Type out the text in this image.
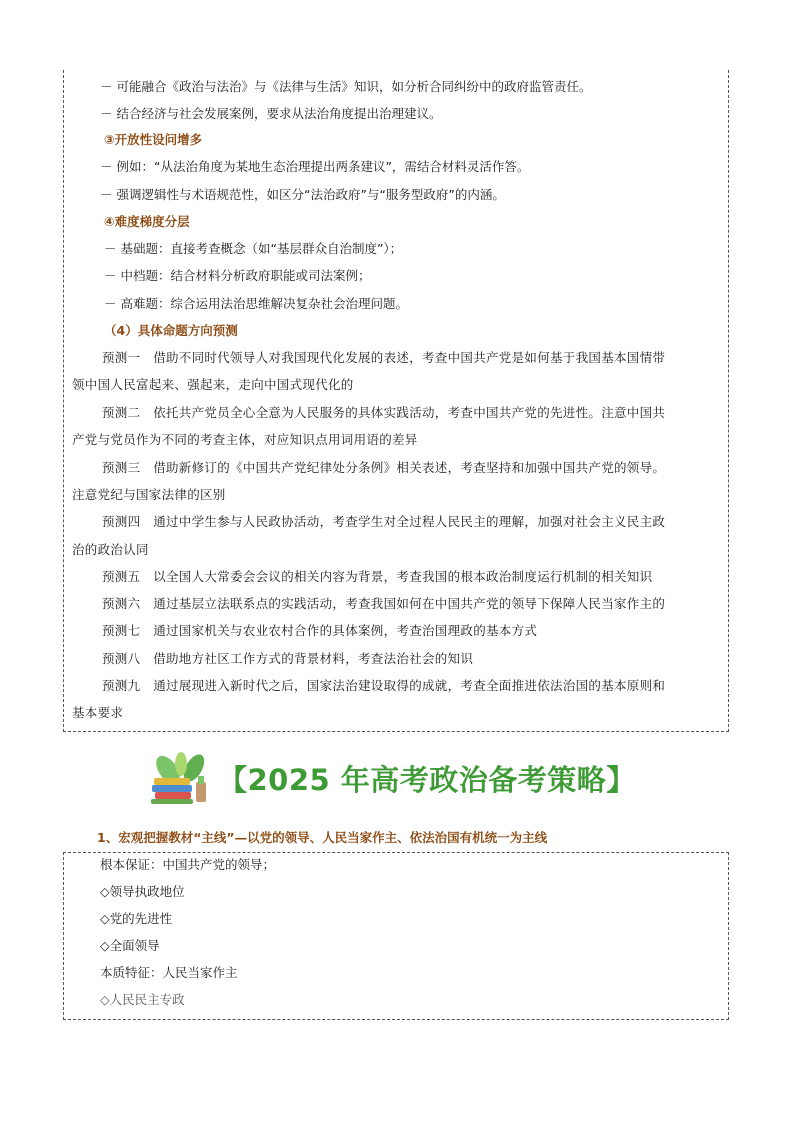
－ 可能融合《政治与法治》与《法律与生活》知识，如分析合同纠纷中的政府监管责任。
－ 结合经济与社会发展案例，要求从法治角度提出治理建议。
③开放性设问增多
－ 例如：“从法治角度为某地生态治理提出两条建议”，需结合材料灵活作答。
－ 强调逻辑性与术语规范性，如区分“法治政府”与“服务型政府”的内涵。
④难度梯度分层
－ 基础题：直接考查概念（如“基层群众自治制度”）；
－ 中档题：结合材料分析政府职能或司法案例；
－ 高难题：综合运用法治思维解决复杂社会治理问题。
（4）具体命题方向预测
预测一　借助不同时代领导人对我国现代化发展的表述，考查中国共产党是如何基于我国基本国情带
领中国人民富起来、强起来，走向中国式现代化的
预测二　依托共产党员全心全意为人民服务的具体实践活动，考查中国共产党的先进性。注意中国共
产党与党员作为不同的考查主体，对应知识点用词用语的差异
预测三　借助新修订的《中国共产党纪律处分条例》相关表述，考查坚持和加强中国共产党的领导。
注意党纪与国家法律的区别
预测四　通过中学生参与人民政协活动，考查学生对全过程人民民主的理解，加强对社会主义民主政
治的政治认同
预测五　以全国人大常委会会议的相关内容为背景，考查我国的根本政治制度运行机制的相关知识
预测六　通过基层立法联系点的实践活动，考查我国如何在中国共产党的领导下保障人民当家作主的
预测七　通过国家机关与农业农村合作的具体案例，考查治国理政的基本方式
预测八　借助地方社区工作方式的背景材料，考查法治社会的知识
预测九　通过展现进入新时代之后，国家法治建设取得的成就，考查全面推进依法治国的基本原则和
基本要求
【2025 年高考政治备考策略】
1、宏观把握教材“主线”—以党的领导、人民当家作主、依法治国有机统一为主线
根本保证：中国共产党的领导；
◇领导执政地位
◇党的先进性
◇全面领导
本质特征：人民当家作主
◇人民民主专政
